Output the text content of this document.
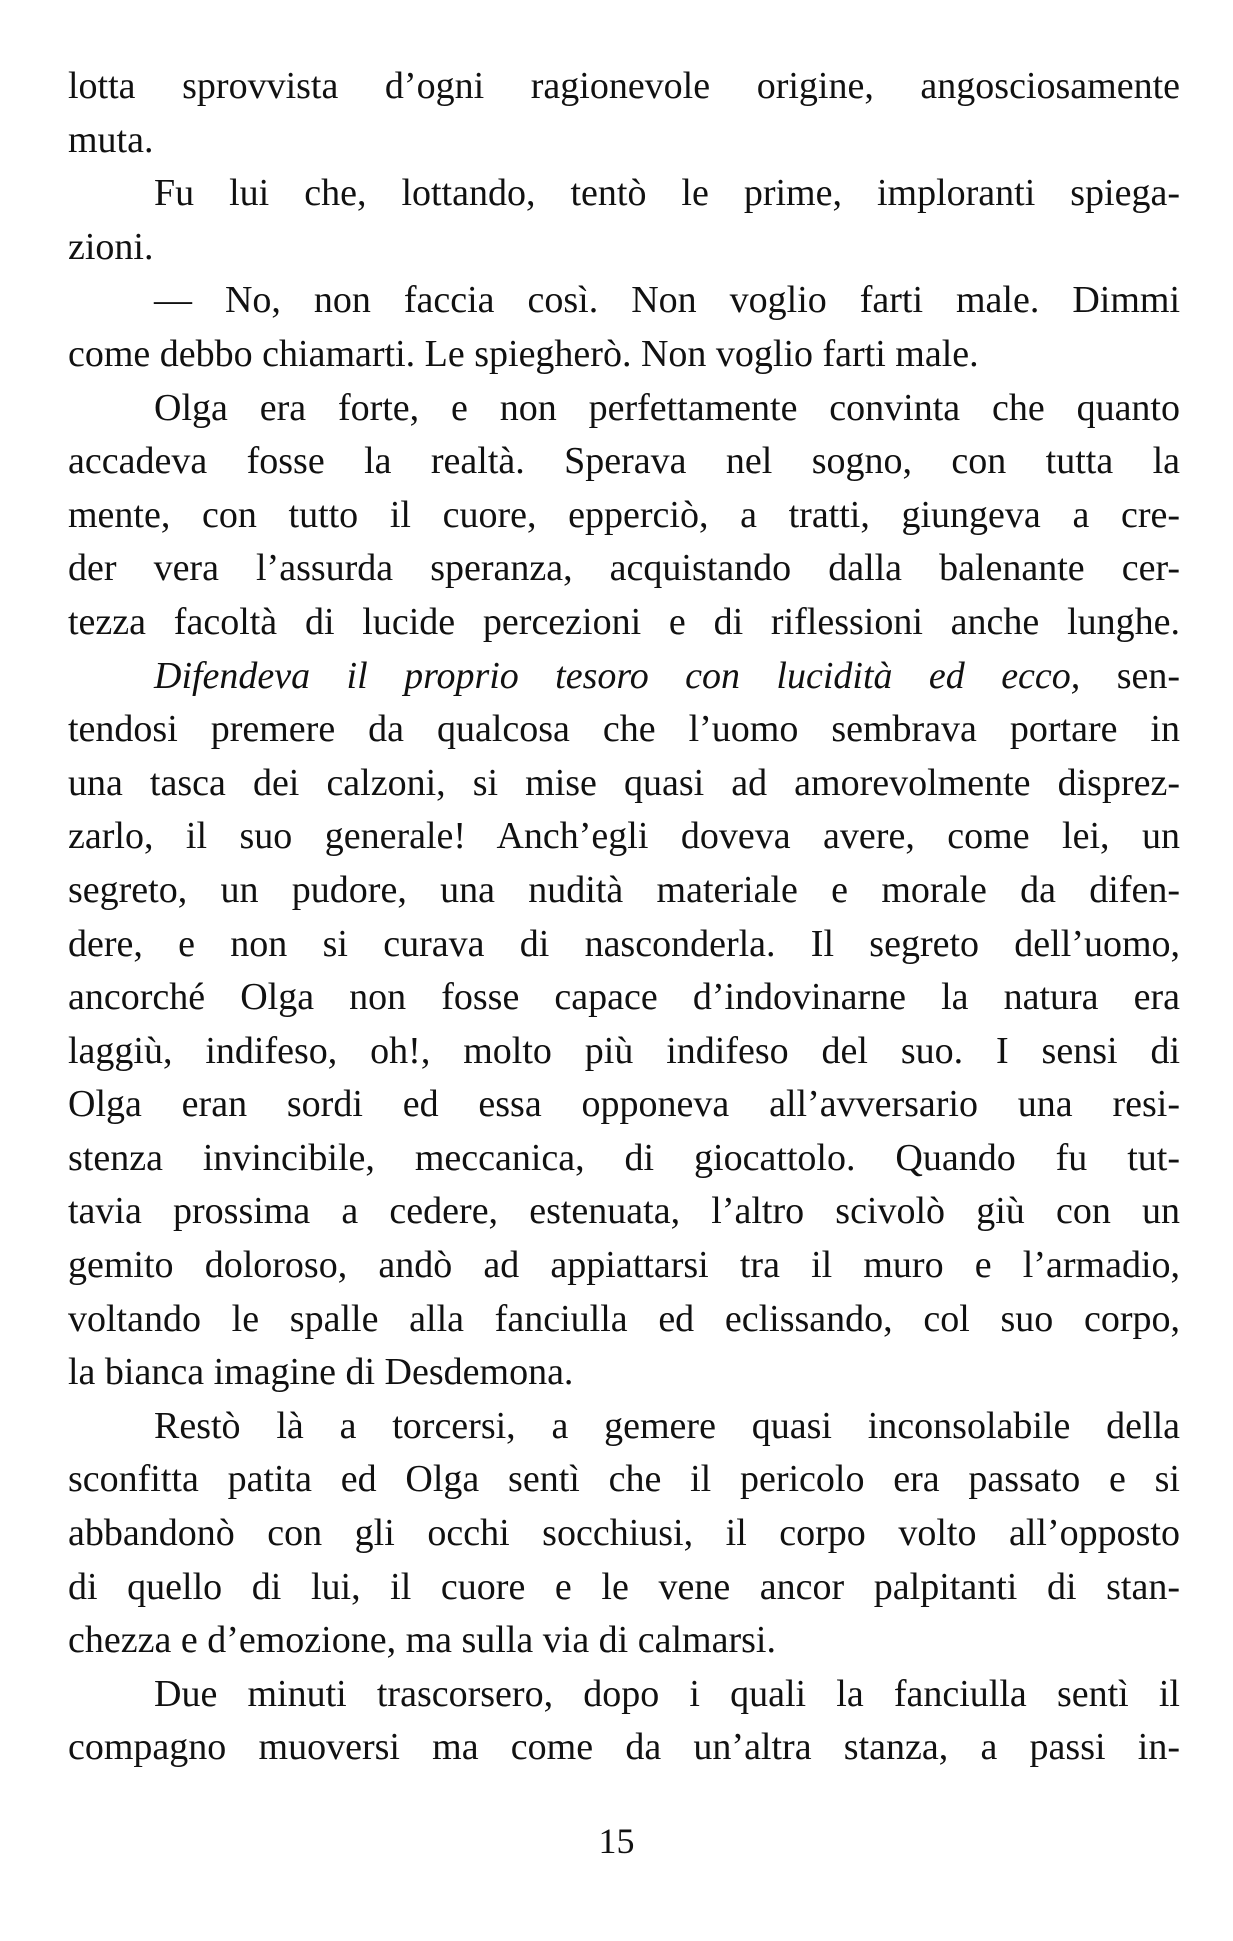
lotta sprovvista d’ogni ragionevole origine, angosciosamente
muta.
Fu lui che, lottando, tentò le prime, imploranti spiega-
zioni.
— No, non faccia così. Non voglio farti male. Dimmi
come debbo chiamarti. Le spiegherò. Non voglio farti male.
Olga era forte, e non perfettamente convinta che quanto
accadeva fosse la realtà. Sperava nel sogno, con tutta la
mente, con tutto il cuore, epperciò, a tratti, giungeva a cre-
der vera l’assurda speranza, acquistando dalla balenante cer-
tezza facoltà di lucide percezioni e di riflessioni anche lunghe.
Difendeva il proprio tesoro con lucidità ed ecco, sen-
tendosi premere da qualcosa che l’uomo sembrava portare in
una tasca dei calzoni, si mise quasi ad amorevolmente disprez-
zarlo, il suo generale! Anch’egli doveva avere, come lei, un
segreto, un pudore, una nudità materiale e morale da difen-
dere, e non si curava di nasconderla. Il segreto dell’uomo,
ancorché Olga non fosse capace d’indovinarne la natura era
laggiù, indifeso, oh!, molto più indifeso del suo. I sensi di
Olga eran sordi ed essa opponeva all’avversario una resi-
stenza invincibile, meccanica, di giocattolo. Quando fu tut-
tavia prossima a cedere, estenuata, l’altro scivolò giù con un
gemito doloroso, andò ad appiattarsi tra il muro e l’armadio,
voltando le spalle alla fanciulla ed eclissando, col suo corpo,
la bianca imagine di Desdemona.
Restò là a torcersi, a gemere quasi inconsolabile della
sconfitta patita ed Olga sentì che il pericolo era passato e si
abbandonò con gli occhi socchiusi, il corpo volto all’opposto
di quello di lui, il cuore e le vene ancor palpitanti di stan-
chezza e d’emozione, ma sulla via di calmarsi.
Due minuti trascorsero, dopo i quali la fanciulla sentì il
compagno muoversi ma come da un’altra stanza, a passi in-
15
